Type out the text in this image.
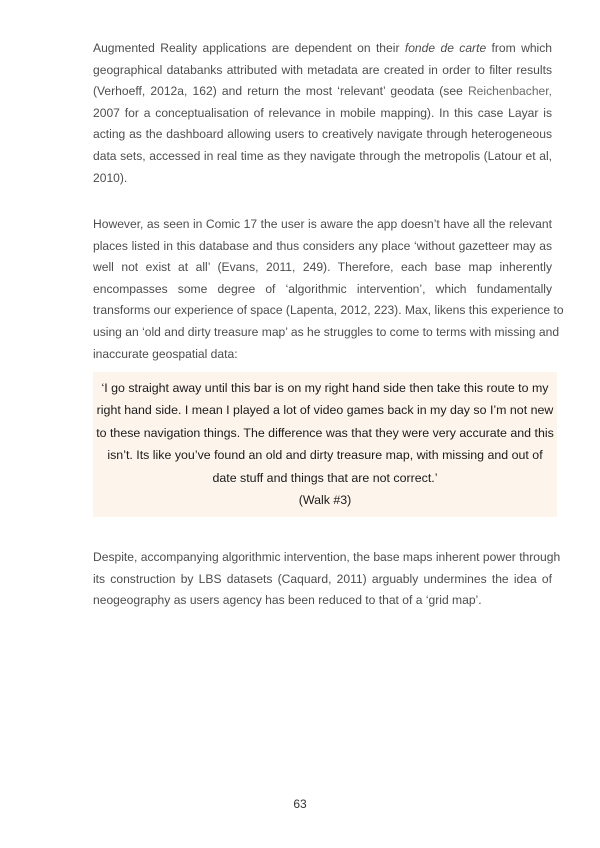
Augmented Reality applications are dependent on their fonde de carte from which
geographical databanks attributed with metadata are created in order to filter results
(Verhoeff, 2012a, 162) and return the most ‘relevant’ geodata (see Reichenbacher,
2007 for a conceptualisation of relevance in mobile mapping). In this case Layar is
acting as the dashboard allowing users to creatively navigate through heterogeneous
data sets, accessed in real time as they navigate through the metropolis (Latour et al,
2010).
However, as seen in Comic 17 the user is aware the app doesn’t have all the relevant
places listed in this database and thus considers any place ‘without gazetteer may as
well not exist at all’ (Evans, 2011, 249). Therefore, each base map inherently
encompasses some degree of ‘algorithmic intervention’, which fundamentally
transforms our experience of space (Lapenta, 2012, 223). Max, likens this experience to
using an ‘old and dirty treasure map’ as he struggles to come to terms with missing and
inaccurate geospatial data:
‘I go straight away until this bar is on my right hand side then take this route to my
right hand side. I mean I played a lot of video games back in my day so I’m not new
to these navigation things. The difference was that they were very accurate and this
isn’t. Its like you’ve found an old and dirty treasure map, with missing and out of
date stuff and things that are not correct.’
(Walk #3)
Despite, accompanying algorithmic intervention, the base maps inherent power through
its construction by LBS datasets (Caquard, 2011) arguably undermines the idea of
neogeography as users agency has been reduced to that of a ‘grid map’.
63
